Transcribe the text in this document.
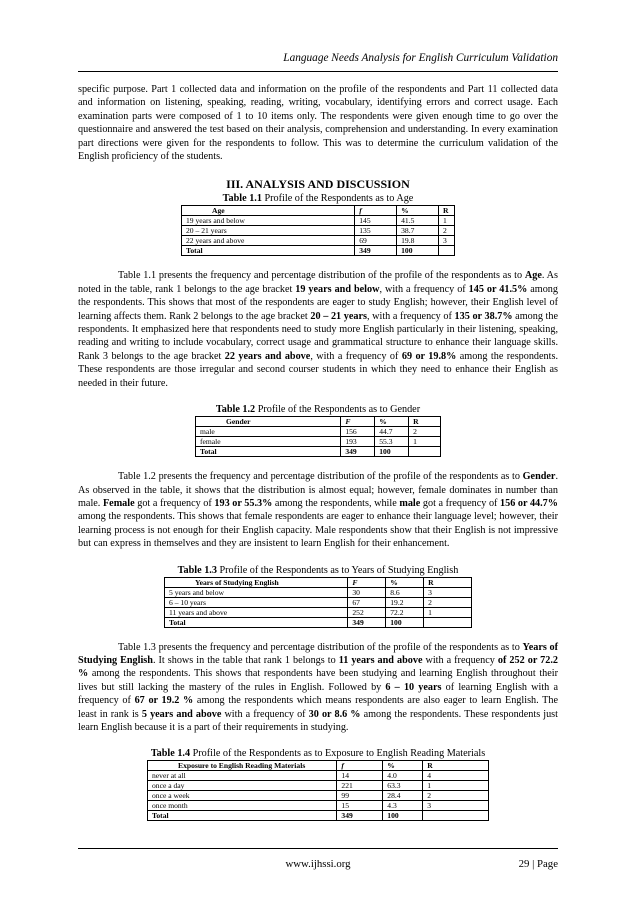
Language Needs Analysis for English Curriculum Validation

specific purpose. Part 1 collected data and information on the profile of the respondents and Part 11 collected data and information on listening, speaking, reading, writing, vocabulary, identifying errors and correct usage. Each examination parts were composed of 1 to 10 items only. The respondents were given enough time to go over the questionnaire and answered the test based on their analysis, comprehension and understanding. In every examination part directions were given for the respondents to follow. This was to determine the curriculum validation of the English proficiency of the students.

III. ANALYSIS AND DISCUSSION

Table 1.1 Profile of the Respondents as to Age

Age	f	%	R
19 years and below	145	41.5	1
20 – 21 years	135	38.7	2
22 years and above	69	19.8	3
Total	349	100	

Table 1.1 presents the frequency and percentage distribution of the profile of the respondents as to Age. As noted in the table, rank 1 belongs to the age bracket 19 years and below, with a frequency of 145 or 41.5% among the respondents. This shows that most of the respondents are eager to study English; however, their English level of learning affects them. Rank 2 belongs to the age bracket 20 – 21 years, with a frequency of 135 or 38.7% among the respondents. It emphasized here that respondents need to study more English particularly in their listening, speaking, reading and writing to include vocabulary, correct usage and grammatical structure to enhance their language skills. Rank 3 belongs to the age bracket 22 years and above, with a frequency of 69 or 19.8% among the respondents. These respondents are those irregular and second courser students in which they need to enhance their English as needed in their future.

Table 1.2 Profile of the Respondents as to Gender

Gender	F	%	R
male	156	44.7	2
female	193	55.3	1
Total	349	100	

Table 1.2 presents the frequency and percentage distribution of the profile of the respondents as to Gender. As observed in the table, it shows that the distribution is almost equal; however, female dominates in number than male. Female got a frequency of 193 or 55.3% among the respondents, while male got a frequency of 156 or 44.7% among the respondents. This shows that female respondents are eager to enhance their language level; however, their learning process is not enough for their English capacity. Male respondents show that their English is not impressive but can express in themselves and they are insistent to learn English for their enhancement.

Table 1.3 Profile of the Respondents as to Years of Studying English

Years of Studying English	F	%	R
5 years and below	30	8.6	3
6 – 10 years	67	19.2	2
11 years and above	252	72.2	1
Total	349	100	

Table 1.3 presents the frequency and percentage distribution of the profile of the respondents as to Years of Studying English. It shows in the table that rank 1 belongs to 11 years and above with a frequency of 252 or 72.2 % among the respondents. This shows that respondents have been studying and learning English throughout their lives but still lacking the mastery of the rules in English. Followed by 6 – 10 years of learning English with a frequency of 67 or 19.2 % among the respondents which means respondents are also eager to learn English. The least in rank is 5 years and above with a frequency of 30 or 8.6 % among the respondents. These respondents just learn English because it is a part of their requirements in studying.

Table 1.4 Profile of the Respondents as to Exposure to English Reading Materials

Exposure to English Reading Materials	f	%	R
never at all	14	4.0	4
once a day	221	63.3	1
once a week	99	28.4	2
once month	15	4.3	3
Total	349	100	
www.ijhssi.org	29 | Page
